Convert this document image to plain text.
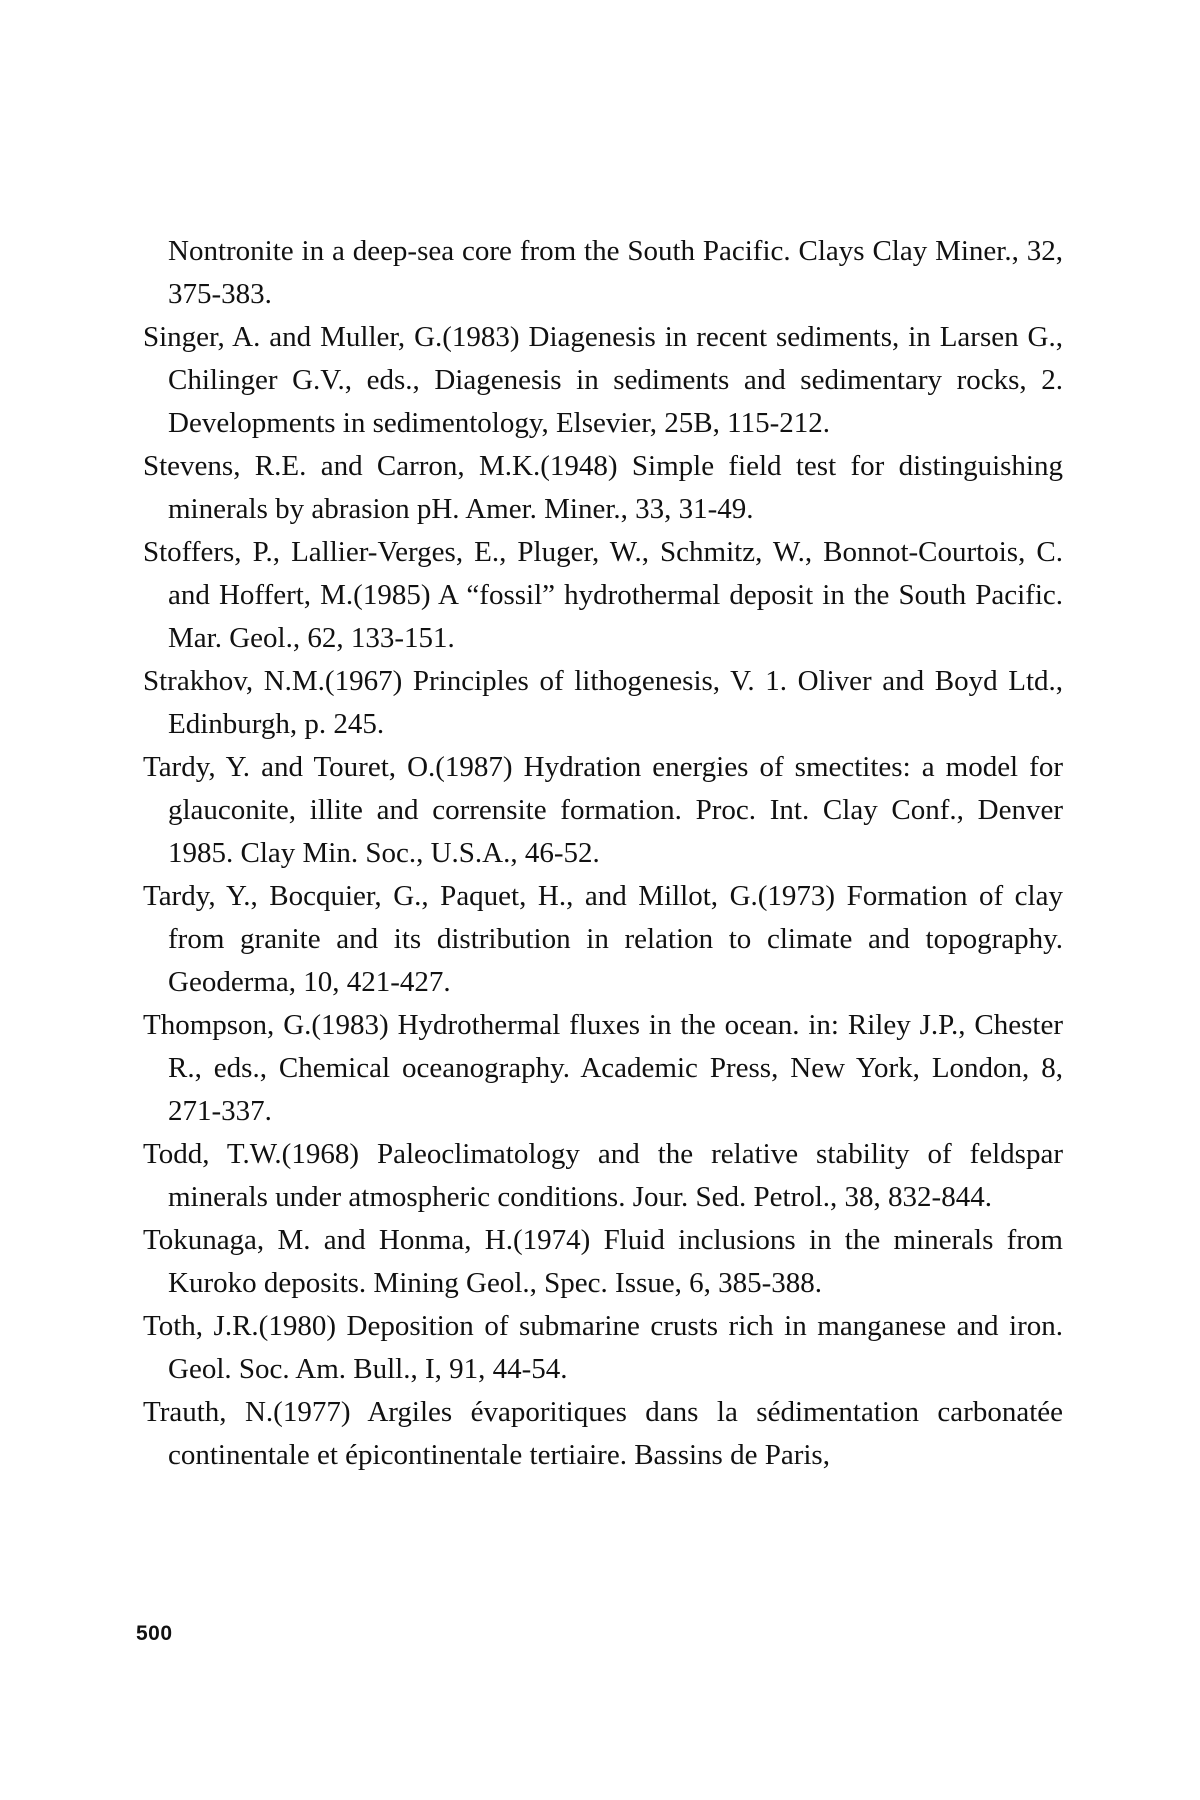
Nontronite in a deep-sea core from the South Pacific. Clays Clay Miner., 32, 375-383.

Singer, A. and Muller, G.(1983) Diagenesis in recent sediments, in Larsen G., Chilinger G.V., eds., Diagenesis in sediments and sedimentary rocks, 2. Developments in sedimentology, Elsevier, 25B, 115-212.

Stevens, R.E. and Carron, M.K.(1948) Simple field test for distinguishing minerals by abrasion pH. Amer. Miner., 33, 31-49.

Stoffers, P., Lallier-Verges, E., Pluger, W., Schmitz, W., Bonnot-Courtois, C. and Hoffert, M.(1985) A “fossil” hydrothermal deposit in the South Pacific. Mar. Geol., 62, 133-151.

Strakhov, N.M.(1967) Principles of lithogenesis, V. 1. Oliver and Boyd Ltd., Edinburgh, p. 245.

Tardy, Y. and Touret, O.(1987) Hydration energies of smectites: a model for glauconite, illite and corrensite formation. Proc. Int. Clay Conf., Denver 1985. Clay Min. Soc., U.S.A., 46-52.

Tardy, Y., Bocquier, G., Paquet, H., and Millot, G.(1973) Formation of clay from granite and its distribution in relation to climate and topography. Geoderma, 10, 421-427.

Thompson, G.(1983) Hydrothermal fluxes in the ocean. in: Riley J.P., Chester R., eds., Chemical oceanography. Academic Press, New York, London, 8, 271-337.

Todd, T.W.(1968) Paleoclimatology and the relative stability of feldspar minerals under atmospheric conditions. Jour. Sed. Petrol., 38, 832-844.

Tokunaga, M. and Honma, H.(1974) Fluid inclusions in the minerals from Kuroko deposits. Mining Geol., Spec. Issue, 6, 385-388.

Toth, J.R.(1980) Deposition of submarine crusts rich in manganese and iron. Geol. Soc. Am. Bull., I, 91, 44-54.

Trauth, N.(1977) Argiles évaporitiques dans la sédimentation carbonatée continentale et épicontinentale tertiaire. Bassins de Paris,

500
